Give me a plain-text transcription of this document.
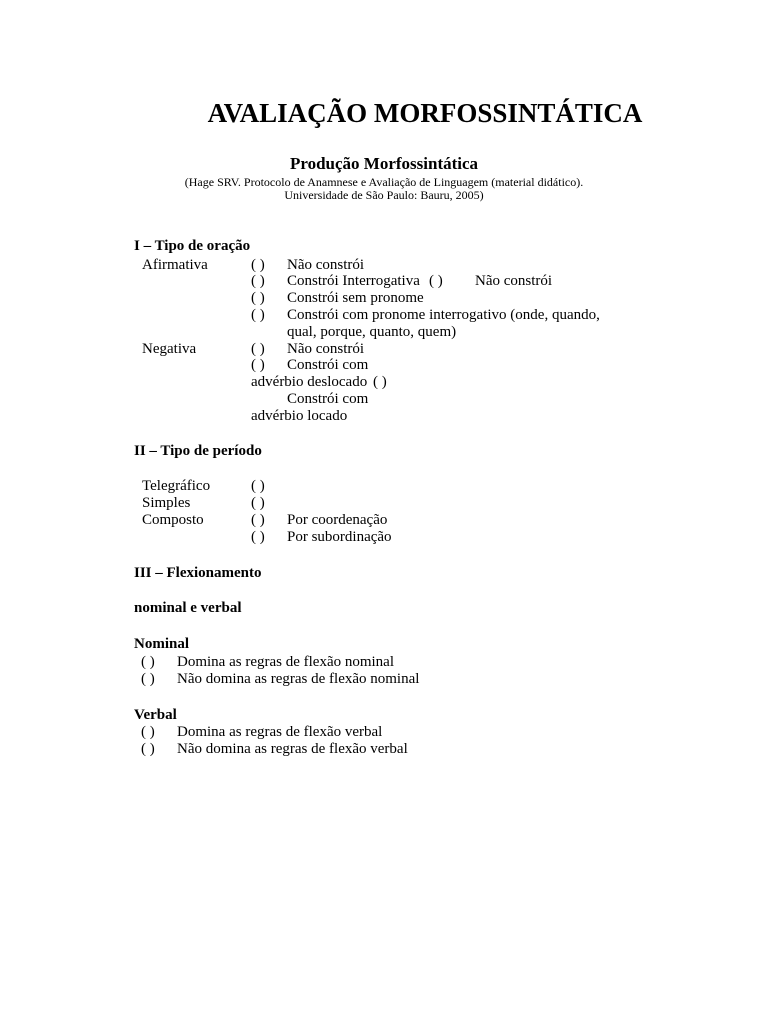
AVALIAÇÃO MORFOSSINTÁTICA
Produção Morfossintática
(Hage SRV. Protocolo de Anamnese e Avaliação de Linguagem (material didático).
Universidade de São Paulo: Bauru, 2005)
I – Tipo de oração
Afirmativa	( ) Não constrói
( ) Constrói Interrogativa ( ) Não constrói
( ) Constrói sem pronome
( ) Constrói com pronome interrogativo (onde, quando,
qual, porque, quanto, quem)
Negativa	( ) Não constrói
( ) Constrói com
advérbio deslocado ( )
Constrói com
advérbio locado
II – Tipo de período
Telegráfico	( )
Simples	( )
Composto	( ) Por coordenação
( ) Por subordinação
III – Flexionamento
nominal e verbal
Nominal
( ) Domina as regras de flexão nominal
( ) Não domina as regras de flexão nominal
Verbal
( ) Domina as regras de flexão verbal
( ) Não domina as regras de flexão verbal
